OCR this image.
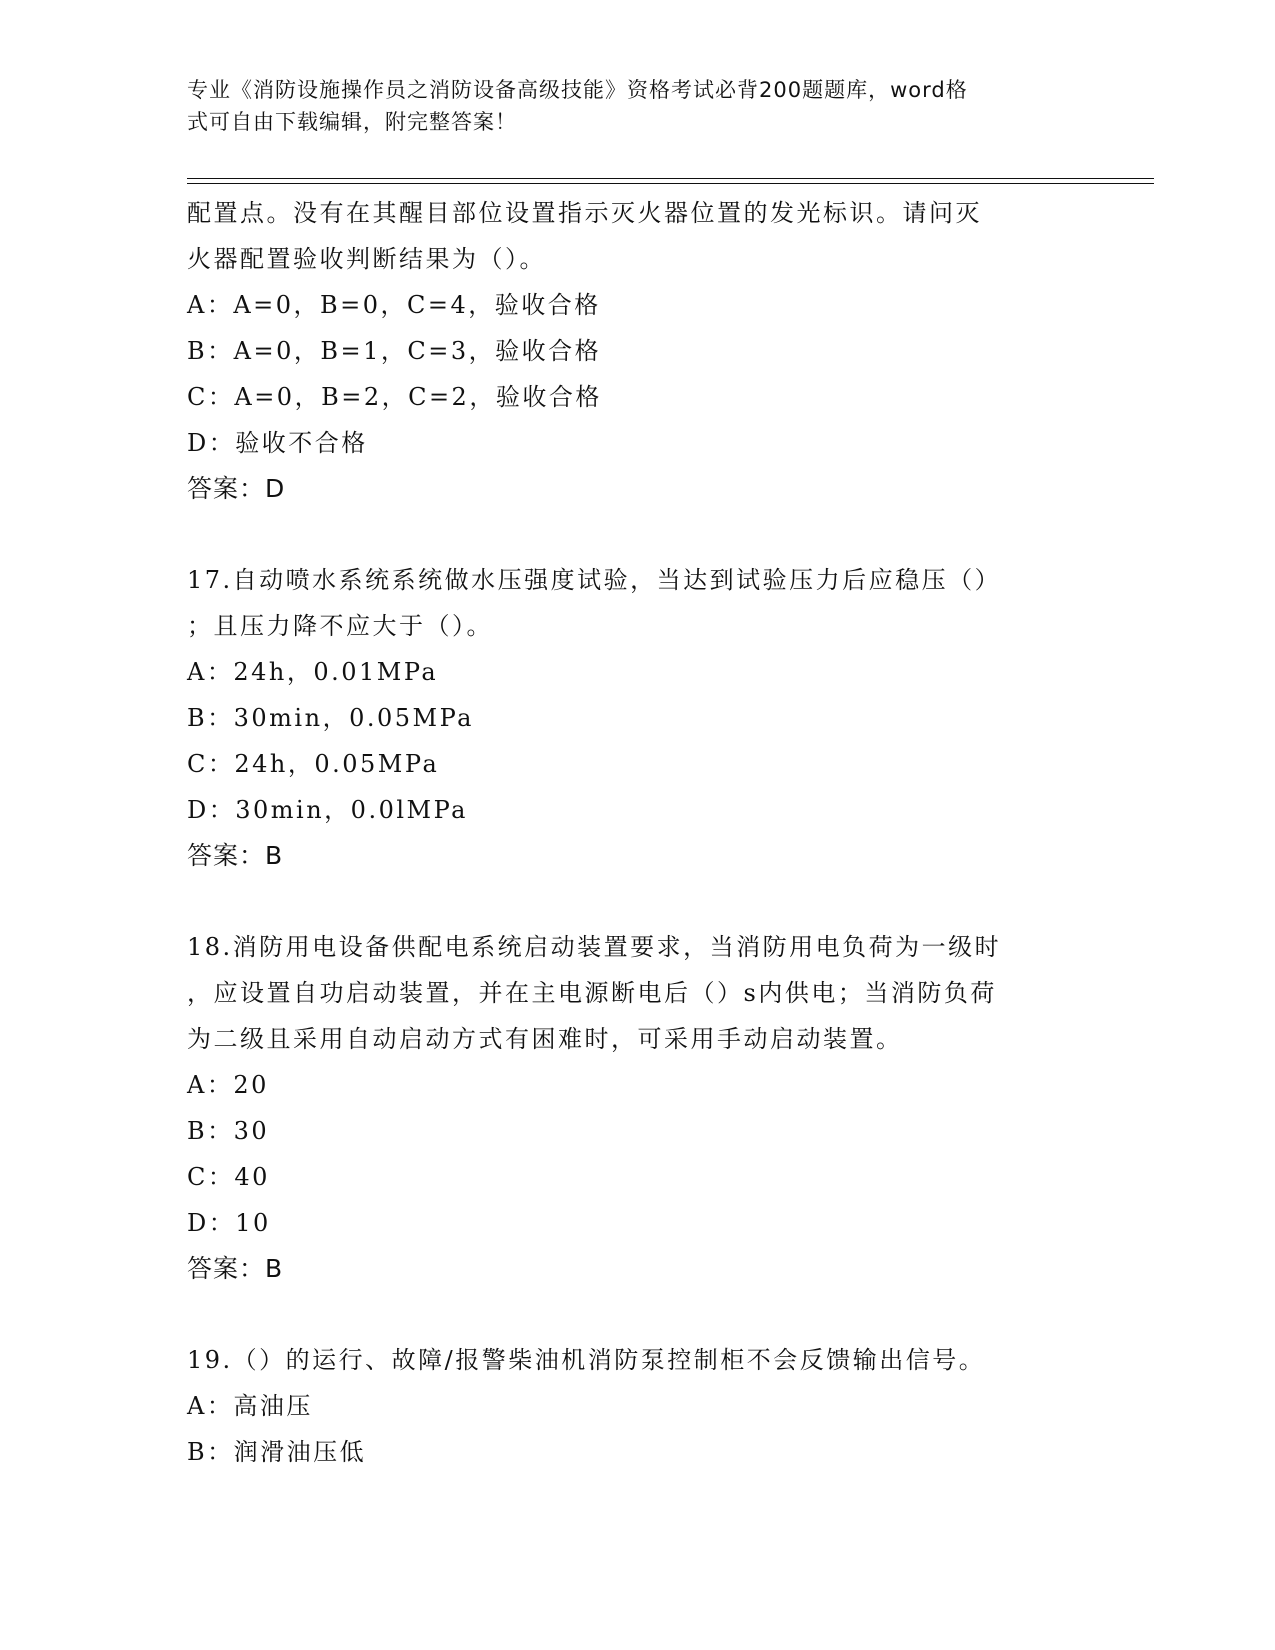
专业《消防设施操作员之消防设备高级技能》资格考试必背200题题库，word格
式可自由下载编辑，附完整答案！
配置点。没有在其醒目部位设置指示灭火器位置的发光标识。请问灭
火器配置验收判断结果为（）。
A：A=0，B=0，C=4，验收合格
B：A=0，B=1，C=3，验收合格
C：A=0，B=2，C=2，验收合格
D：验收不合格
答案：D
17.自动喷水系统系统做水压强度试验，当达到试验压力后应稳压（）
；且压力降不应大于（）。
A：24h，0.01MPa
B：30min，0.05MPa
C：24h，0.05MPa
D：30min，0.0lMPa
答案：B
18.消防用电设备供配电系统启动装置要求，当消防用电负荷为一级时
，应设置自功启动装置，并在主电源断电后（）s内供电；当消防负荷
为二级且采用自动启动方式有困难时，可采用手动启动装置。
A：20
B：30
C：40
D：10
答案：B
19.（）的运行、故障/报警柴油机消防泵控制柜不会反馈输出信号。
A：高油压
B：润滑油压低
